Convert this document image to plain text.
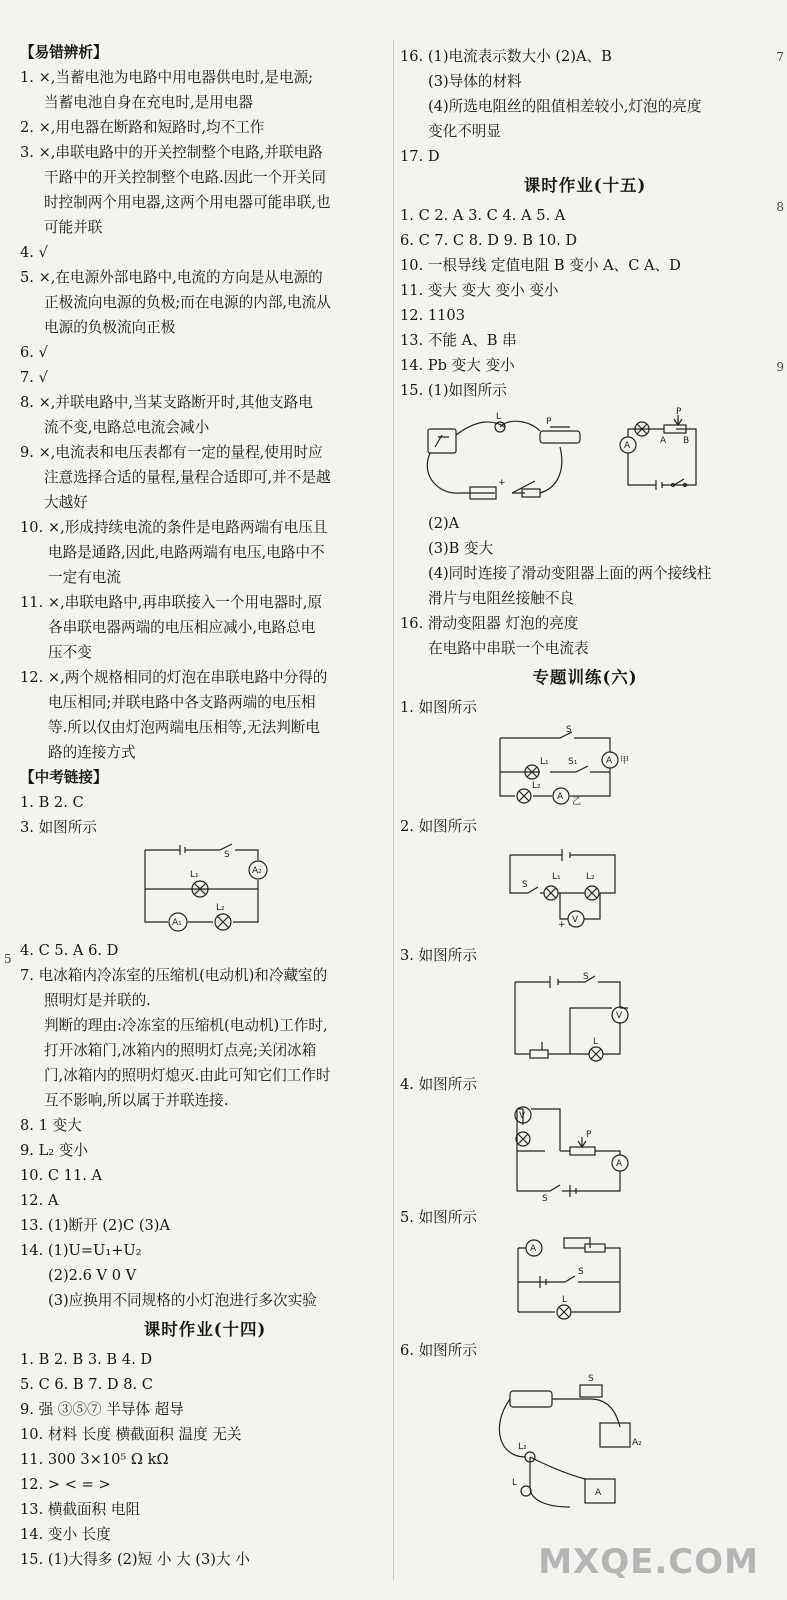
【易错辨析】
1. ×,当蓄电池为电路中用电器供电时,是电源;
当蓄电池自身在充电时,是用电器
2. ×,用电器在断路和短路时,均不工作
3. ×,串联电路中的开关控制整个电路,并联电路
干路中的开关控制整个电路.因此一个开关同
时控制两个用电器,这两个用电器可能串联,也
可能并联
4. √
5. ×,在电源外部电路中,电流的方向是从电源的
正极流向电源的负极;而在电源的内部,电流从
电源的负极流向正极
6. √
7. √
8. ×,并联电路中,当某支路断开时,其他支路电
流不变,电路总电流会减小
9. ×,电流表和电压表都有一定的量程,使用时应
注意选择合适的量程,量程合适即可,并不是越
大越好
10. ×,形成持续电流的条件是电路两端有电压且
电路是通路,因此,电路两端有电压,电路中不
一定有电流
11. ×,串联电路中,再串联接入一个用电器时,原
各串联电器两端的电压相应减小,电路总电
压不变
12. ×,两个规格相同的灯泡在串联电路中分得的
电压相同;并联电路中各支路两端的电压相
等.所以仅由灯泡两端电压相等,无法判断电
路的连接方式
【中考链接】
1. B 2. C
3. 如图所示
A₂
S
L₁
A₁
L₂
4. C 5. A 6. D
7. 电冰箱内冷冻室的压缩机(电动机)和冷藏室的
照明灯是并联的.
判断的理由:冷冻室的压缩机(电动机)工作时,
打开冰箱门,冰箱内的照明灯点亮;关闭冰箱
门,冰箱内的照明灯熄灭.由此可知它们工作时
互不影响,所以属于并联连接.
8. 1 变大
9. L₂ 变小
10. C 11. A
12. A
13. (1)断开 (2)C (3)A
14. (1)U=U₁+U₂
(2)2.6 V 0 V
(3)应换用不同规格的小灯泡进行多次实验
课时作业(十四)
1. B 2. B 3. B 4. D
5. C 6. B 7. D 8. C
9. 强 ③⑤⑦ 半导体 超导
10. 材料 长度 横截面积 温度 无关
11. 300 3×10⁵ Ω kΩ
12. > < = >
13. 横截面积 电阻
14. 变小 长度
15. (1)大得多 (2)短 小 大 (3)大 小
16. (1)电流表示数大小 (2)A、B
(3)导体的材料
(4)所选电阻丝的阻值相差较小,灯泡的亮度
变化不明显
17. D
课时作业(十五)
1. C 2. A 3. C 4. A 5. A
6. C 7. C 8. D 9. B 10. D
10. 一根导线 定值电阻 B 变小 A、C A、D
11. 变大 变大 变小 变小
12. 1103
13. 不能 A、B 串
14. Pb 变大 变小
15. (1)如图所示
L	P
+
P
A B
A
(2)A
(3)B 变大
(4)同时连接了滑动变阻器上面的两个接线柱
滑片与电阻丝接触不良
16. 滑动变阻器 灯泡的亮度
在电路中串联一个电流表
专题训练(六)
1. 如图所示
S
A 甲
L₁ S₁
L₂
A 乙
2. 如图所示
S
L₁	L₂
V
+ -
3. 如图所示
S
V
L
4. 如图所示
V
P
A
S
5. 如图所示
A
S
L
6. 如图所示
S
L₂	A₂
L
A
7
8
9
5
MXQE.COM
